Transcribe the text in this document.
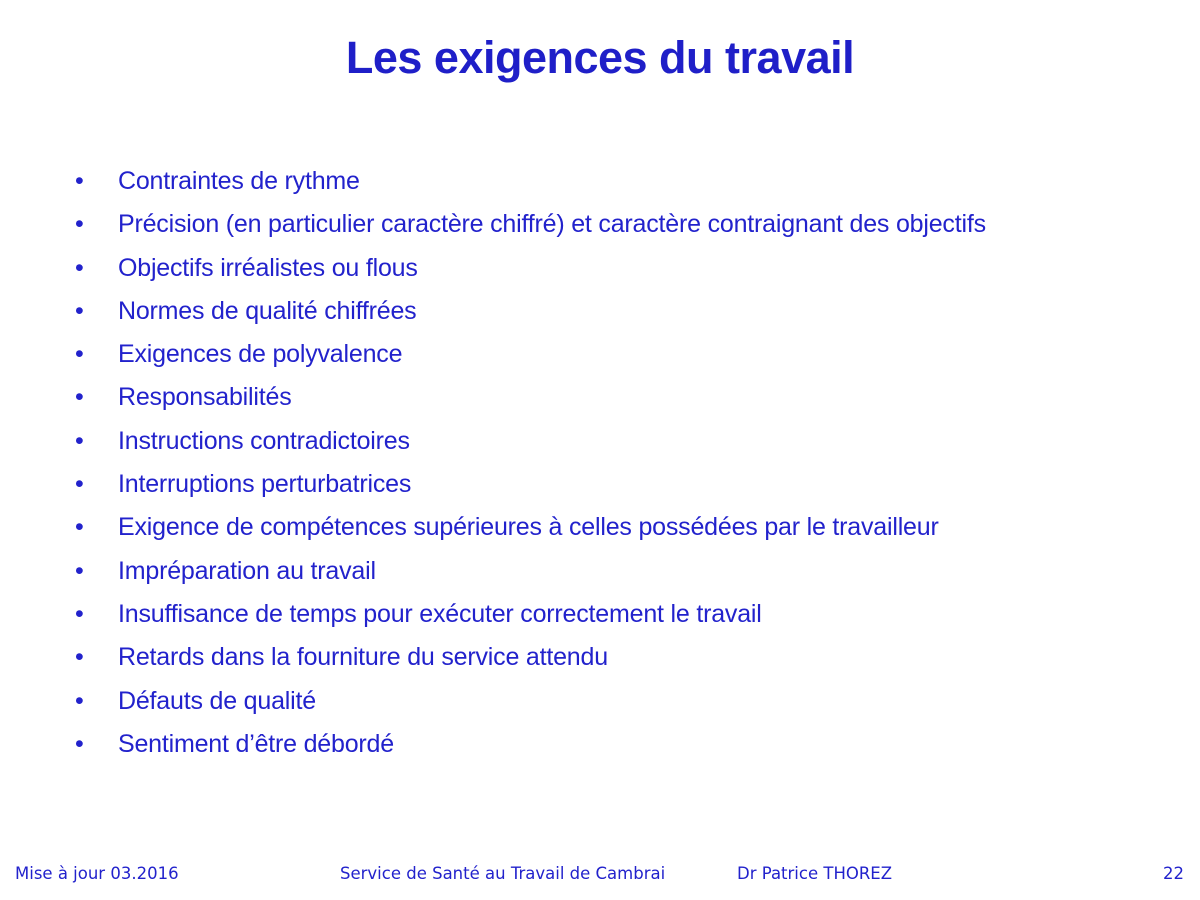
Les exigences du travail
•	Contraintes de rythme
•	Précision (en particulier caractère chiffré) et caractère contraignant des objectifs
•	Objectifs irréalistes ou flous
•	Normes de qualité chiffrées
•	Exigences de polyvalence
•	Responsabilités
•	Instructions contradictoires
•	Interruptions perturbatrices
•	Exigence de compétences supérieures à celles possédées par le travailleur
•	Impréparation au travail
•	Insuffisance de temps pour exécuter correctement le travail
•	Retards dans la fourniture du service attendu
•	Défauts de qualité
•	Sentiment d’être débordé
Mise à jour 03.2016	Service de Santé au Travail de Cambrai	Dr Patrice THOREZ	22
